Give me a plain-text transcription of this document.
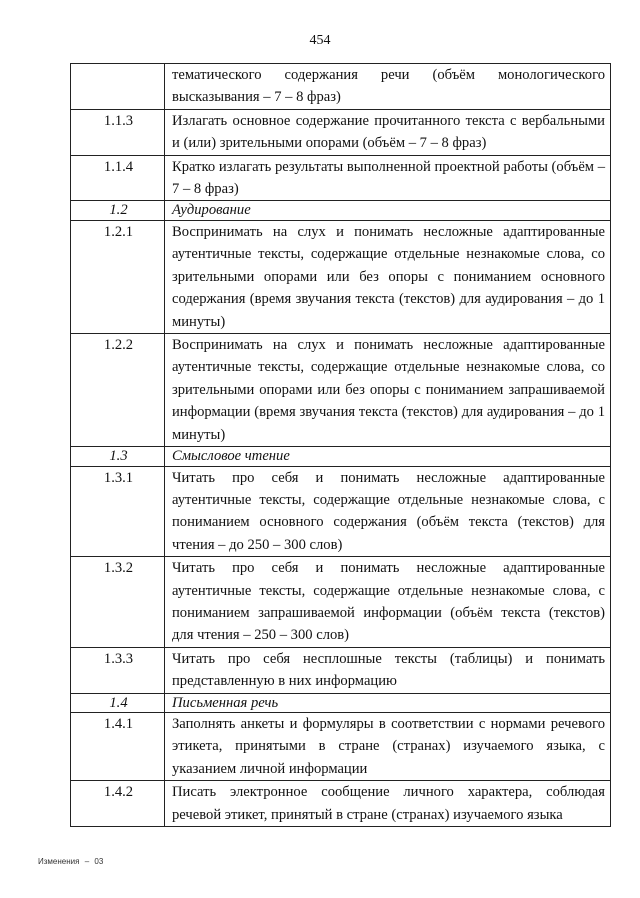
454
	тематического содержания речи (объём монологического высказывания – 7 – 8 фраз)
1.1.3	Излагать основное содержание прочитанного текста с вербальными и (или) зрительными опорами (объём – 7 – 8 фраз)
1.1.4	Кратко излагать результаты выполненной проектной работы (объём – 7 – 8 фраз)
1.2	Аудирование
1.2.1	Воспринимать на слух и понимать несложные адаптированные аутентичные тексты, содержащие отдельные незнакомые слова, со зрительными опорами или без опоры с пониманием основного содержания (время звучания текста (текстов) для аудирования – до 1 минуты)
1.2.2	Воспринимать на слух и понимать несложные адаптированные аутентичные тексты, содержащие отдельные незнакомые слова, со зрительными опорами или без опоры с пониманием запрашиваемой информации (время звучания текста (текстов) для аудирования – до 1 минуты)
1.3	Смысловое чтение
1.3.1	Читать про себя и понимать несложные адаптированные аутентичные тексты, содержащие отдельные незнакомые слова, с пониманием основного содержания (объём текста (текстов) для чтения – до 250 – 300 слов)
1.3.2	Читать про себя и понимать несложные адаптированные аутентичные тексты, содержащие отдельные незнакомые слова, с пониманием запрашиваемой информации (объём текста (текстов) для чтения – 250 – 300 слов)
1.3.3	Читать про себя несплошные тексты (таблицы) и понимать представленную в них информацию
1.4	Письменная речь
1.4.1	Заполнять анкеты и формуляры в соответствии с нормами речевого этикета, принятыми в стране (странах) изучаемого языка, с указанием личной информации
1.4.2	Писать электронное сообщение личного характера, соблюдая речевой этикет, принятый в стране (странах) изучаемого языка
Изменения – 03
